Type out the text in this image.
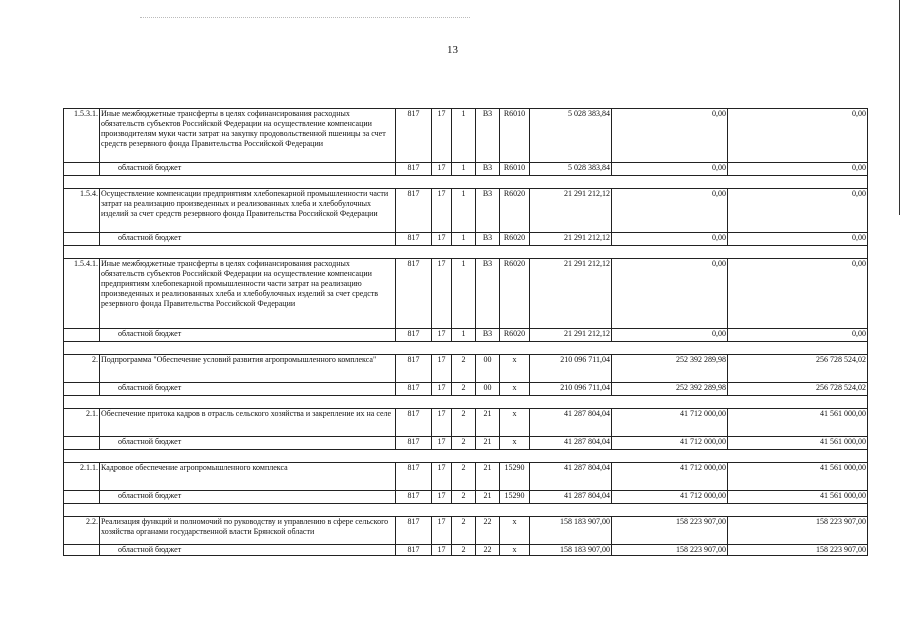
13
1.5.3.1.	Иные межбюджетные трансферты в целях софинансирования расходных обязательств субъектов Российской Федерации на осуществление компенсации производителям муки части затрат на закупку продовольственной пшеницы за счет средств резервного фонда Правительства Российской Федерации	817	17	1	В3	R6010	5 028 383,84	0,00	0,00
	областной бюджет	817	17	1	В3	R6010	5 028 383,84	0,00	0,00

1.5.4.	Осуществление компенсации предприятиям хлебопекарной промышленности части затрат на реализацию произведенных и реализованных хлеба и хлебобулочных изделий за счет средств резервного фонда Правительства Российской Федерации	817	17	1	В3	R6020	21 291 212,12	0,00	0,00
	областной бюджет	817	17	1	В3	R6020	21 291 212,12	0,00	0,00

1.5.4.1.	Иные межбюджетные трансферты в целях софинансирования расходных обязательств субъектов Российской Федерации на осуществление компенсации предприятиям хлебопекарной промышленности части затрат на реализацию произведенных и реализованных хлеба и хлебобулочных изделий за счет средств резервного фонда Правительства Российской Федерации	817	17	1	В3	R6020	21 291 212,12	0,00	0,00
	областной бюджет	817	17	1	В3	R6020	21 291 212,12	0,00	0,00

2.	Подпрограмма "Обеспечение условий развития агропромышленного комплекса"	817	17	2	00	х	210 096 711,04	252 392 289,98	256 728 524,02
	областной бюджет	817	17	2	00	х	210 096 711,04	252 392 289,98	256 728 524,02

2.1.	Обеспечение притока кадров в отрасль сельского хозяйства и закрепление их на селе	817	17	2	21	х	41 287 804,04	41 712 000,00	41 561 000,00
	областной бюджет	817	17	2	21	х	41 287 804,04	41 712 000,00	41 561 000,00

2.1.1.	Кадровое обеспечение агропромышленного комплекса	817	17	2	21	15290	41 287 804,04	41 712 000,00	41 561 000,00
	областной бюджет	817	17	2	21	15290	41 287 804,04	41 712 000,00	41 561 000,00

2.2.	Реализация функций и полномочий по руководству и управлению в сфере сельского хозяйства органами государственной власти Брянской области	817	17	2	22	х	158 183 907,00	158 223 907,00	158 223 907,00
	областной бюджет	817	17	2	22	х	158 183 907,00	158 223 907,00	158 223 907,00
